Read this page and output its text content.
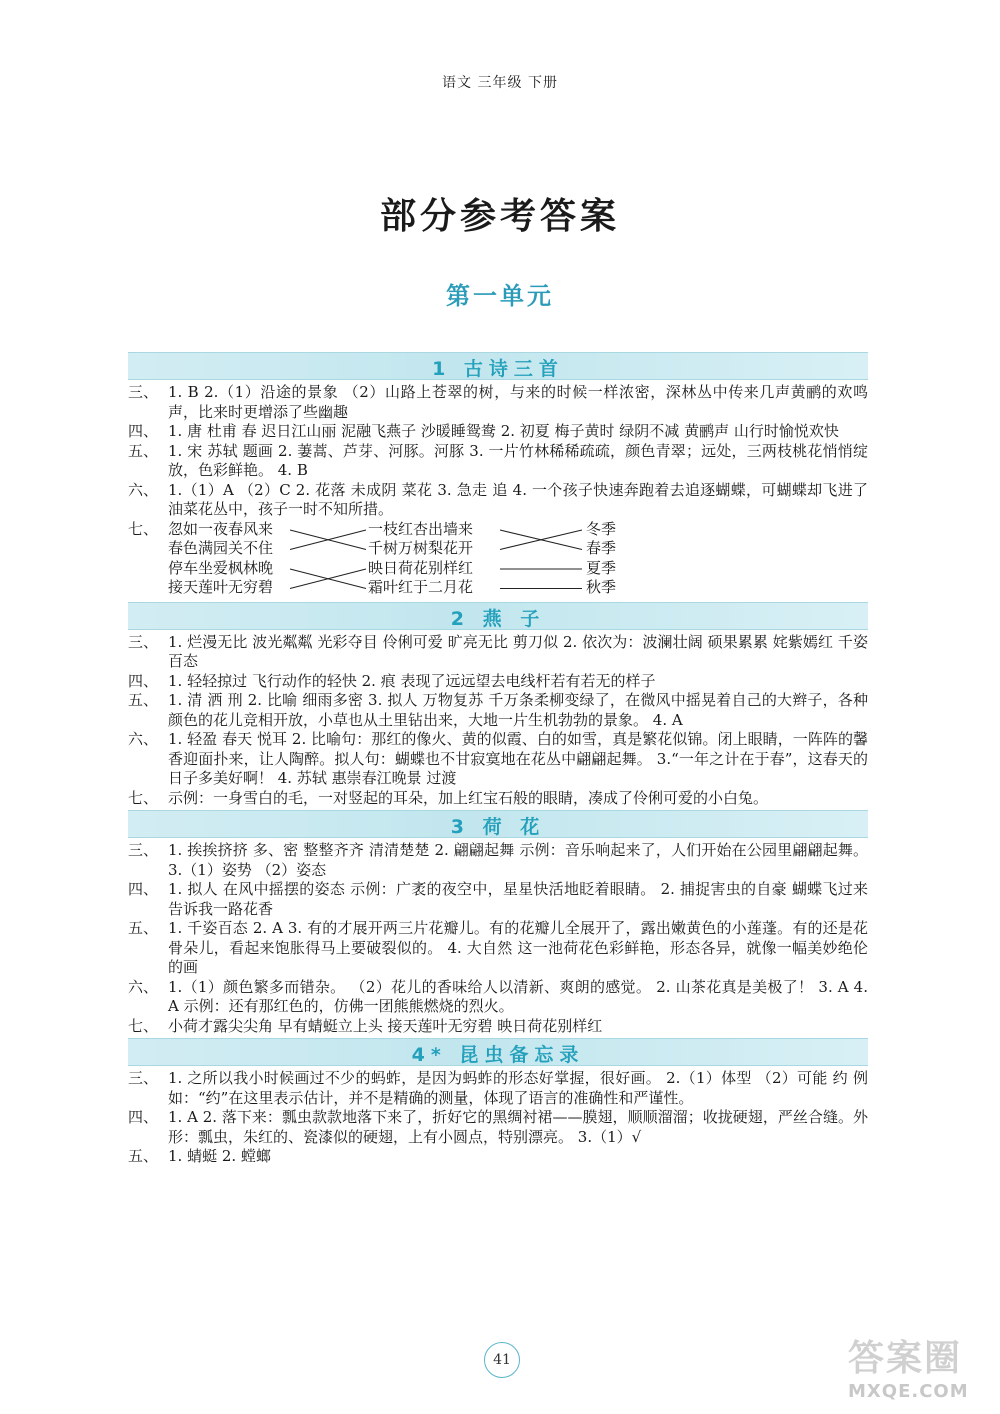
语文 三年级 下册
部分参考答案
第一单元
1 古诗三首
三、 1. B 2.（1）沿途的景象 （2）山路上苍翠的树，与来的时候一样浓密，深林丛中传来几声黄鹂的欢鸣声，比来时更增添了些幽趣
四、 1. 唐 杜甫 春 迟日江山丽 泥融飞燕子 沙暖睡鸳鸯 2. 初夏 梅子黄时 绿阴不减 黄鹂声 山行时愉悦欢快
五、 1. 宋 苏轼 题画 2. 萋蒿、芦芽、河豚。河豚 3. 一片竹林稀稀疏疏，颜色青翠；远处，三两枝桃花悄悄绽放，色彩鲜艳。 4. B
六、 1.（1）A （2）C 2. 花落 未成阴 菜花 3. 急走 追 4. 一个孩子快速奔跑着去追逐蝴蝶，可蝴蝶却飞进了油菜花丛中，孩子一时不知所措。
七、 忽如一夜春风来
春色满园关不住
停车坐爱枫林晚
接天莲叶无穷碧
一枝红杏出墙来
千树万树梨花开
映日荷花别样红
霜叶红于二月花
冬季
春季
夏季
秋季
2 燕 子
三、 1. 烂漫无比 波光粼粼 光彩夺目 伶俐可爱 旷亮无比 剪刀似 2. 依次为：波澜壮阔 硕果累累 姹紫嫣红 千姿百态
四、 1. 轻轻掠过 飞行动作的轻快 2. 痕 表现了远远望去电线杆若有若无的样子
五、 1. 清 洒 刑 2. 比喻 细雨多密 3. 拟人 万物复苏 千万条柔柳变绿了，在微风中摇晃着自己的大辫子，各种颜色的花儿竞相开放，小草也从土里钻出来，大地一片生机勃勃的景象。 4. A
六、 1. 轻盈 春天 悦耳 2. 比喻句：那红的像火、黄的似霞、白的如雪，真是繁花似锦。闭上眼睛，一阵阵的馨香迎面扑来，让人陶醉。拟人句：蝴蝶也不甘寂寞地在花丛中翩翩起舞。 3.“一年之计在于春”，这春天的日子多美好啊！ 4. 苏轼 惠崇春江晚景 过渡
七、 示例：一身雪白的毛，一对竖起的耳朵，加上红宝石般的眼睛，凑成了伶俐可爱的小白兔。
3 荷 花
三、 1. 挨挨挤挤 多、密 整整齐齐 清清楚楚 2. 翩翩起舞 示例：音乐响起来了，人们开始在公园里翩翩起舞。 3.（1）姿势 （2）姿态
四、 1. 拟人 在风中摇摆的姿态 示例：广袤的夜空中，星星快活地眨着眼睛。 2. 捕捉害虫的自豪 蝴蝶飞过来 告诉我一路花香
五、 1. 千姿百态 2. A 3. 有的才展开两三片花瓣儿。有的花瓣儿全展开了，露出嫩黄色的小莲蓬。有的还是花骨朵儿，看起来饱胀得马上要破裂似的。 4. 大自然 这一池荷花色彩鲜艳，形态各异，就像一幅美妙绝伦的画
六、 1.（1）颜色繁多而错杂。 （2）花儿的香味给人以清新、爽朗的感觉。 2. 山茶花真是美极了！ 3. A 4. A 示例：还有那红色的，仿佛一团熊熊燃烧的烈火。
七、 小荷才露尖尖角 早有蜻蜓立上头 接天莲叶无穷碧 映日荷花别样红
4* 昆虫备忘录
三、 1. 之所以我小时候画过不少的蚂蚱，是因为蚂蚱的形态好掌握，很好画。 2.（1）体型 （2）可能 约 例如：“约”在这里表示估计，并不是精确的测量，体现了语言的准确性和严谨性。
四、 1. A 2. 落下来：瓢虫款款地落下来了，折好它的黑绸衬裙——膜翅，顺顺溜溜；收拢硬翅，严丝合缝。外形：瓢虫，朱红的、瓷漆似的硬翅，上有小圆点，特别漂亮。 3.（1）√
五、 1. 蜻蜓 2. 螳螂
41	答案圈
MXQE.COM
